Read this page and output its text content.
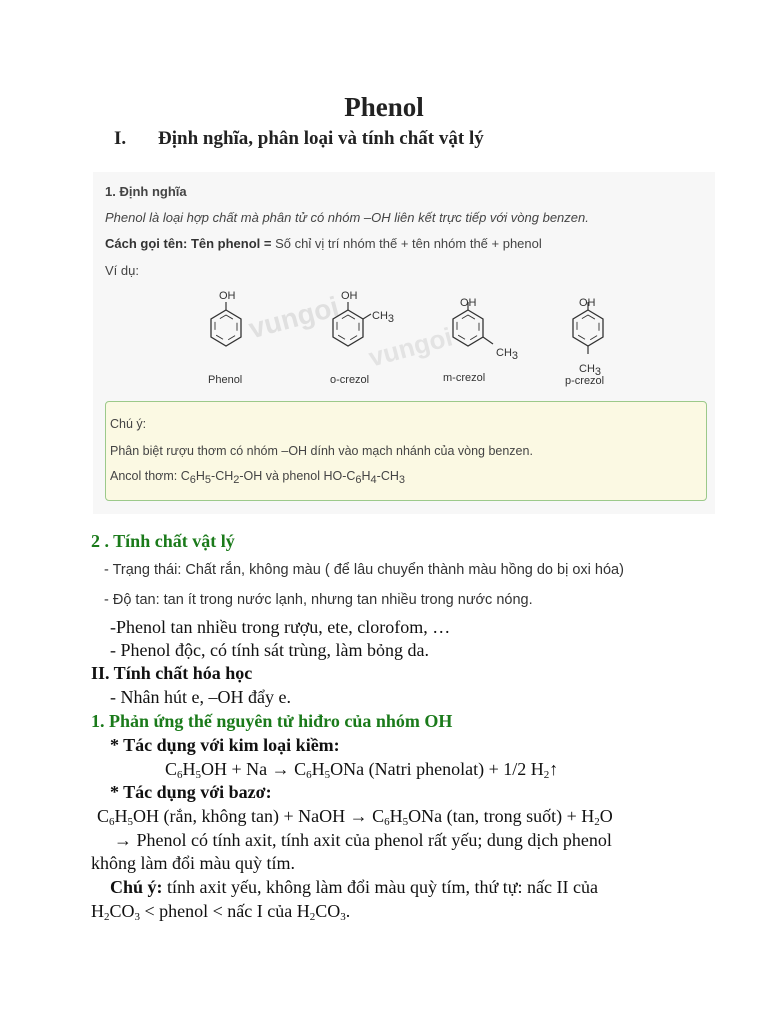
Phenol
I. Định nghĩa, phân loại và tính chất vật lý
1. Định nghĩa
Phenol là loại hợp chất mà phân tử có nhóm –OH liên kết trực tiếp với vòng benzen.
Cách gọi tên: Tên phenol = Số chỉ vị trí nhóm thế + tên nhóm thế + phenol
Ví dụ:
vungoi
vungoi
OH
Phenol
OH
$CH_3$
o-crezol
OH
$CH_3$
m-crezol
OH
$CH_3$
p-crezol
Chú ý:
Phân biệt rượu thơm có nhóm –OH dính vào mạch nhánh của vòng benzen.
Ancol thơm: $C_6H_5-CH_2-OH$ và phenol $HO-C_6H_4-CH_3$
2 . Tính chất vật lý
- Trạng thái: Chất rắn, không màu ( để lâu chuyển thành màu hồng do bị oxi hóa)
- Độ tan: tan ít trong nước lạnh, nhưng tan nhiều trong nước nóng.
-Phenol tan nhiều trong rượu, ete, clorofom, …
- Phenol độc, có tính sát trùng, làm bỏng da.
II. Tính chất hóa học
- Nhân hút e, –OH đẩy e.
1. Phản ứng thế nguyên tử hiđro của nhóm OH
* Tác dụng với kim loại kiềm:
$C_6H_5OH + Na \to C_6H_5ONa$ (Natri phenolat) + 1/2 $H_2↑$
* Tác dụng với bazơ:
$C_6H_5OH$ (rắn, không tan) + NaOH → $C_6H_5ONa$ (tan, trong suốt) + $H_2O$
→ Phenol có tính axit, tính axit của phenol rất yếu; dung dịch phenol
không làm đổi màu quỳ tím.
Chú ý: tính axit yếu, không làm đổi màu quỳ tím, thứ tự: nấc II của
$H_2CO_3$ < phenol < nấc I của $H_2CO_3$.
